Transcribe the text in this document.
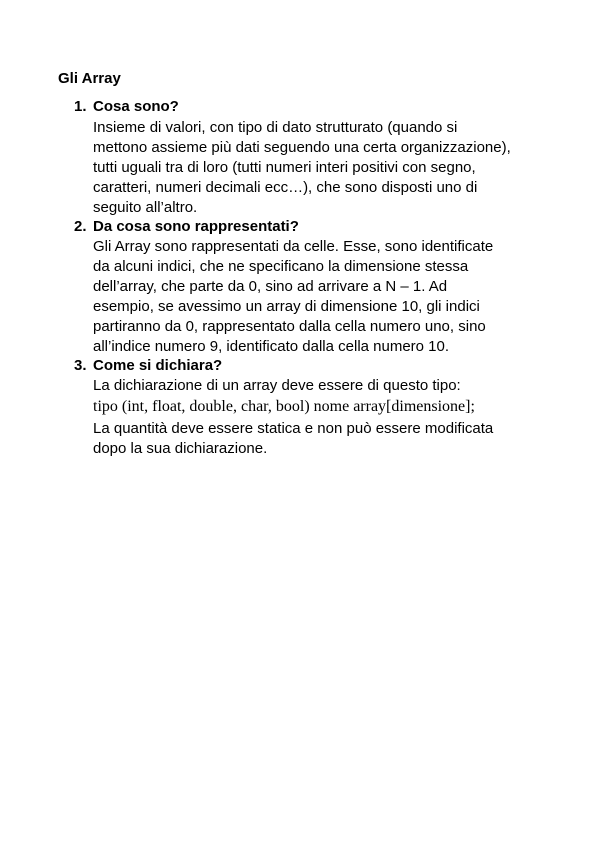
Gli Array
1. Cosa sono?
Insieme di valori, con tipo di dato strutturato (quando si
mettono assieme più dati seguendo una certa organizzazione),
tutti uguali tra di loro (tutti numeri interi positivi con segno,
caratteri, numeri decimali ecc…), che sono disposti uno di
seguito all’altro.
2. Da cosa sono rappresentati?
Gli Array sono rappresentati da celle. Esse, sono identificate
da alcuni indici, che ne specificano la dimensione stessa
dell’array, che parte da 0, sino ad arrivare a N – 1. Ad
esempio, se avessimo un array di dimensione 10, gli indici
partiranno da 0, rappresentato dalla cella numero uno, sino
all’indice numero 9, identificato dalla cella numero 10.
3. Come si dichiara?
La dichiarazione di un array deve essere di questo tipo:
tipo (int, float, double, char, bool) nome array[dimensione];
La quantità deve essere statica e non può essere modificata
dopo la sua dichiarazione.
